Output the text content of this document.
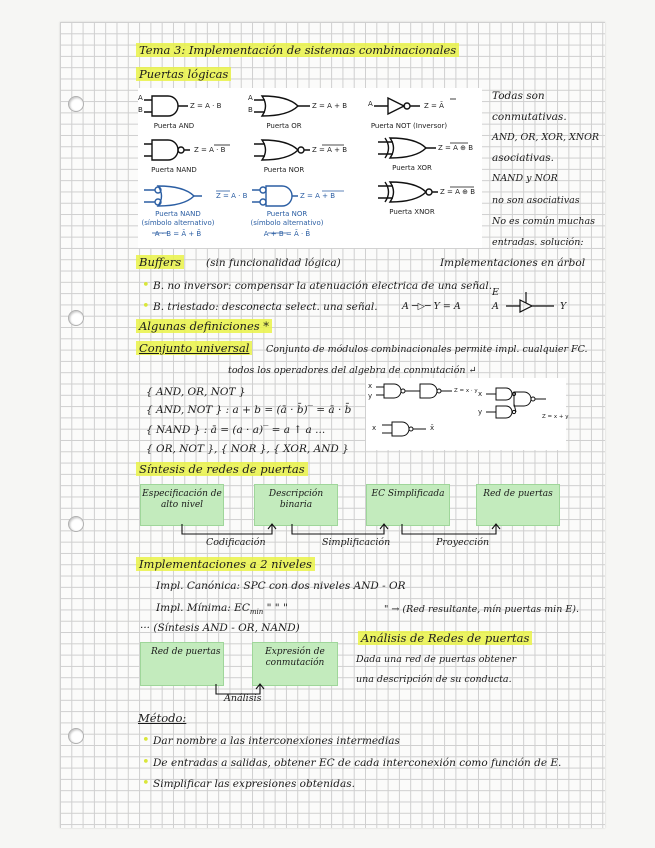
Tema 3: Implementación de sistemas combinacionales
Puertas lógicas
A
B
A
B
A
Z = A · B	Z = A + B	Z = Ā
Z = A · B	Z = A + B	Z = A ⊕ B
Z = A ⊕ B
Puerta AND	Puerta OR	Puerta NOT (Inversor)
Puerta NAND	Puerta NOR	Puerta XOR
Puerta XNOR
Z = A · B	Z = A + B
Puerta NAND
(símbolo alternativo)
A · B = Ā + B̄
Puerta NOR
(símbolo alternativo)
A + B = Ā · B̄
Todas son
conmutativas.
AND, OR, XOR, XNOR
asociativas.
NAND y NOR
no son asociativas
No es común muchas
entradas. solución:
Buffers (sin funcionalidad lógica)	Implementaciones en árbol
• B. no inversor: compensar la atenuación electrica de una señal.
• B. triestado: desconecta select. una señal.	A ─▷─ Y = A
E
A	Y
Algunas definiciones *
Conjunto universal	Conjunto de módulos combinacionales permite impl. cualquier FC.
todos los operadores del algebra de conmutación ↵
{ AND, OR, NOT }
{ AND, NOT } : a + b = (ā · b̄)‾ = ā · b̄
{ NAND } : ā = (a · a)‾ = a ↑ a ...
{ OR, NOT }, { NOR }, { XOR, AND }
x
y
Z = x · y
x	x̄
x
y
Z = x + y
Síntesis de redes de puertas
Especificación de alto nivel
Descripción binaria
EC Simplificada	Red de puertas
Codificación	Simplificación	Proyección
Implementaciones a 2 niveles
Impl. Canónica: SPC con dos niveles AND - OR
Impl. Mínima: $EC_{min}$ " " "	" → (Red resultante, mín puertas min E).
··· (Síntesis AND - OR, NAND)
Análisis de Redes de puertas
Dada una red de puertas obtener
una descripción de su conducta.
Red de puertas	Expresión de conmutación
Análisis
Método:
• Dar nombre a las interconexiones intermedias
• De entradas a salidas, obtener EC de cada interconexión como función de E.
• Simplificar las expresiones obtenidas.
